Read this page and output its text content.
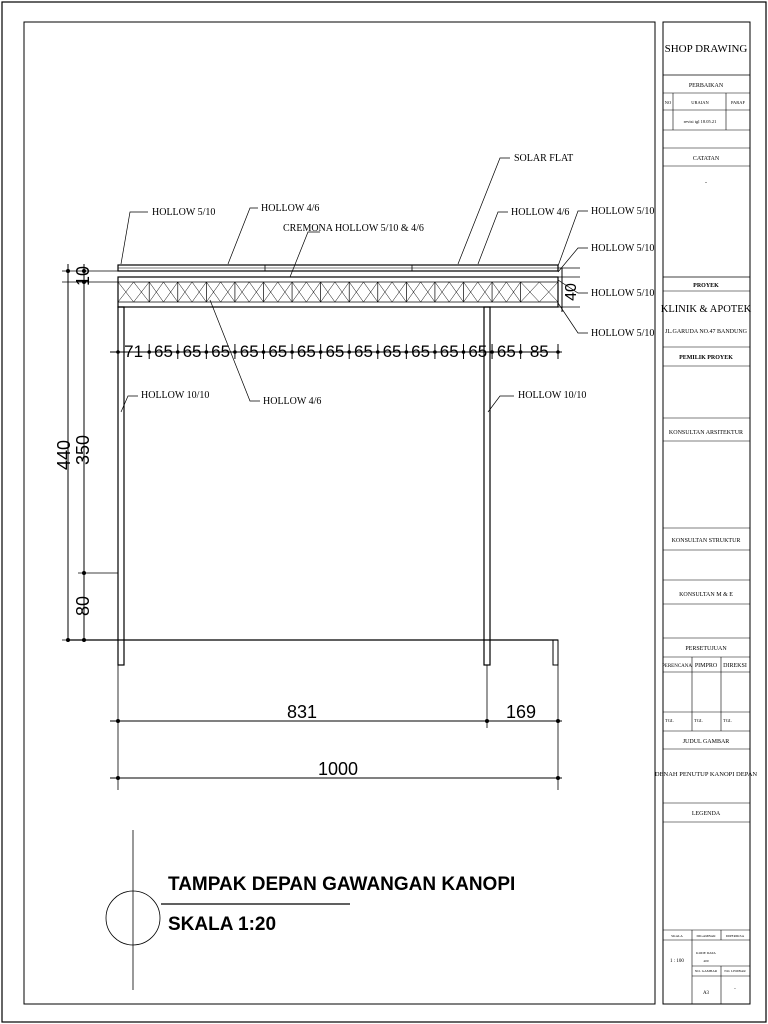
71 65 65 65 65 65 65 65 65 65 65 65 65 65 85
10
350
440
80
40
831	169
1000
SOLAR FLAT
HOLLOW 5/10	HOLLOW 4/6
CREMONA HOLLOW 5/10 & 4/6
HOLLOW 4/6 HOLLOW 5/10
HOLLOW 5/10
HOLLOW 5/10
HOLLOW 5/10
HOLLOW 10/10
HOLLOW 4/6
HOLLOW 10/10
TAMPAK DEPAN GAWANGAN KANOPI
SKALA 1:20
SHOP DRAWING
PERBAIKAN
NO	URAIAN	PARAF
revisi tgl 18.05.21
CATATAN
-
PROYEK
KLINIK & APOTEK
JL.GARUDA NO.47 BANDUNG
PEMILIK PROYEK
KONSULTAN ARSITEKTUR
KONSULTAN STRUKTUR
KONSULTAN M & E
PERSETUJUAN
PERENCANA PIMPRO DIREKSI
TGL	TGL	TGL
JUDUL GAMBAR
DENAH PENUTUP KANOPI DEPAN
LEGENDA
SKALA	DIGAMBAR	DIPERIKSA
1 : 100
KODE DATA
400
NO. GAMBAR NO. LEMBAR
A3
-
